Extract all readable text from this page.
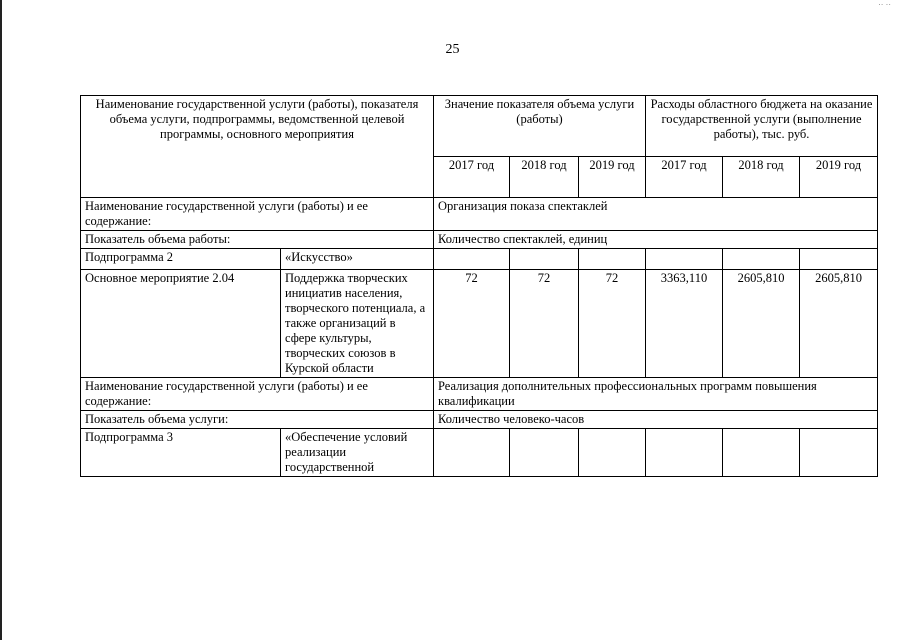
·· ··
25
Наименование государственной услуги (работы), показателя объема услуги, подпрограммы, ведомственной целевой программы, основного мероприятия		Значение показателя объема услуги (работы)			Расходы областного бюджета на оказание государственной услуги (выполнение работы), тыс. руб.		
		2017 год	2018 год	2019 год	2017 год	2018 год	2019 год
Наименование государственной услуги (работы) и ее содержание:		Организация показа спектаклей					
Показатель объема работы:		Количество спектаклей, единиц					
Подпрограмма 2	«Искусство»						
Основное мероприятие 2.04	Поддержка творческих инициатив населения, творческого потенциала, а также организаций в сфере культуры, творческих союзов в Курской области	72	72	72	3363,110	2605,810	2605,810
Наименование государственной услуги (работы) и ее содержание:		Реализация дополнительных профессиональных программ повышения квалификации					
Показатель объема услуги:		Количество человеко-часов					
Подпрограмма 3	«Обеспечение условий реализации государственной						
